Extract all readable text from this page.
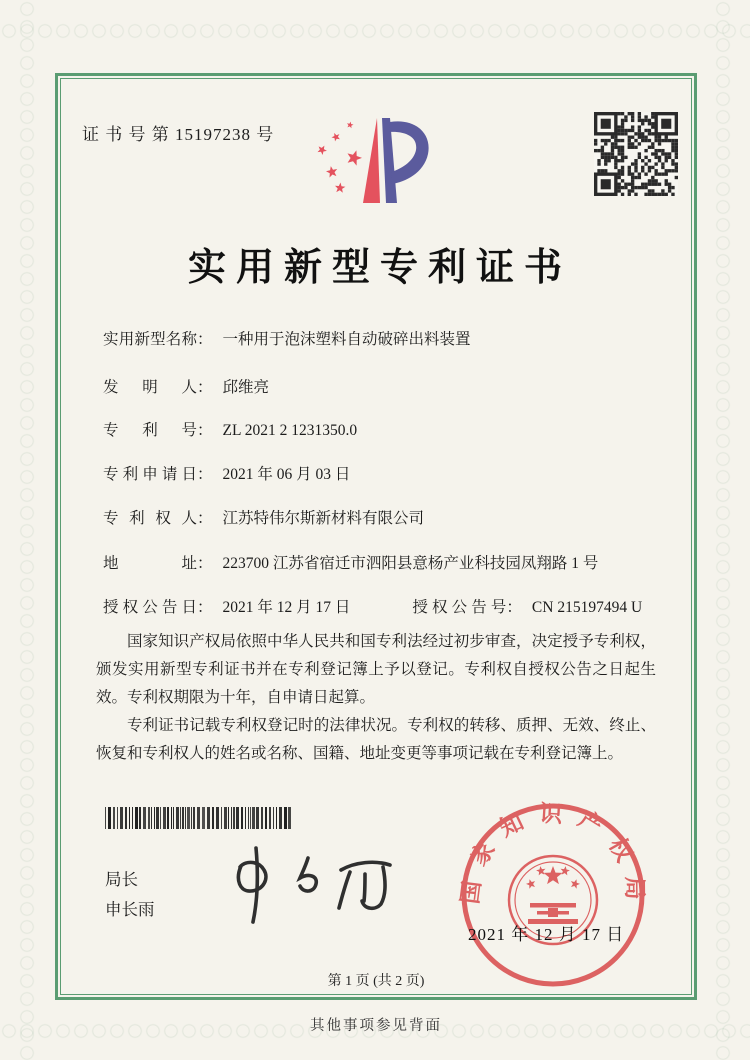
证 书 号 第 15197238 号
实用新型专利证书
实用新型名称 ： 一种用于泡沫塑料自动破碎出料装置
发明人 ： 邱维亮
专利号 ： ZL 2021 2 1231350.0
专利申请日 ： 2021 年 06 月 03 日
专利权人 ： 江苏特伟尔斯新材料有限公司
地址 ： 223700 江苏省宿迁市泗阳县意杨产业科技园凤翔路 1 号
授权公告日 ： 2021 年 12 月 17 日	授权公告号 ： CN 215197494 U

国家知识产权局依照中华人民共和国专利法经过初步审查，决定授予专利权，颁发实用新型专利证书并在专利登记簿上予以登记。专利权自授权公告之日起生效。专利权期限为十年，自申请日起算。

专利证书记载专利权登记时的法律状况。专利权的转移、质押、无效、终止、恢复和专利权人的姓名或名称、国籍、地址变更等事项记载在专利登记簿上。

局长
申长雨
国家知识产权局
2021 年 12 月 17 日
第 1 页 (共 2 页)
其他事项参见背面
